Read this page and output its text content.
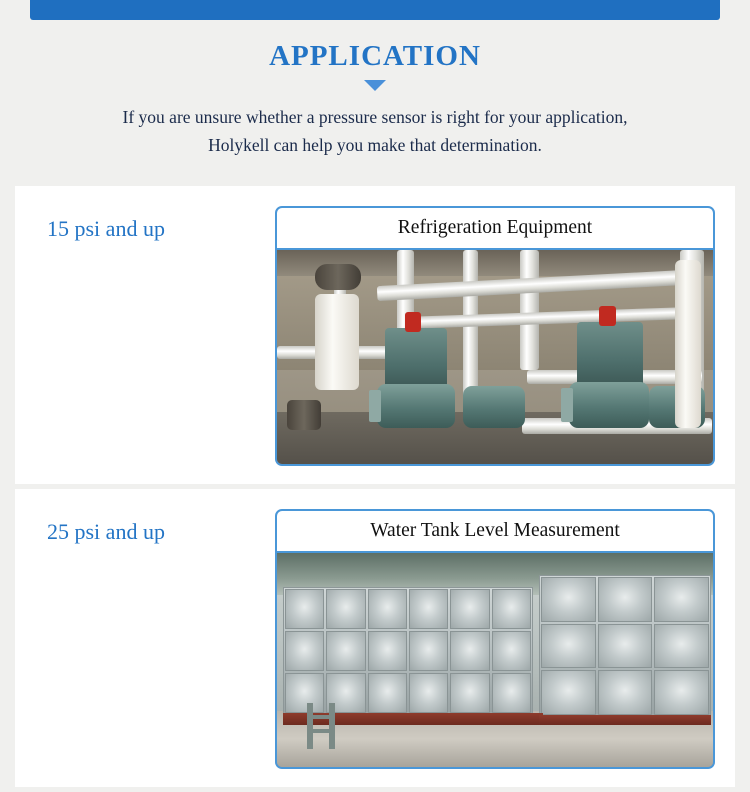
APPLICATION
If you are unsure whether a pressure sensor is right for your application,
Holykell can help you make that determination.
15 psi and up	Refrigeration Equipment
25 psi and up	Water Tank Level Measurement
